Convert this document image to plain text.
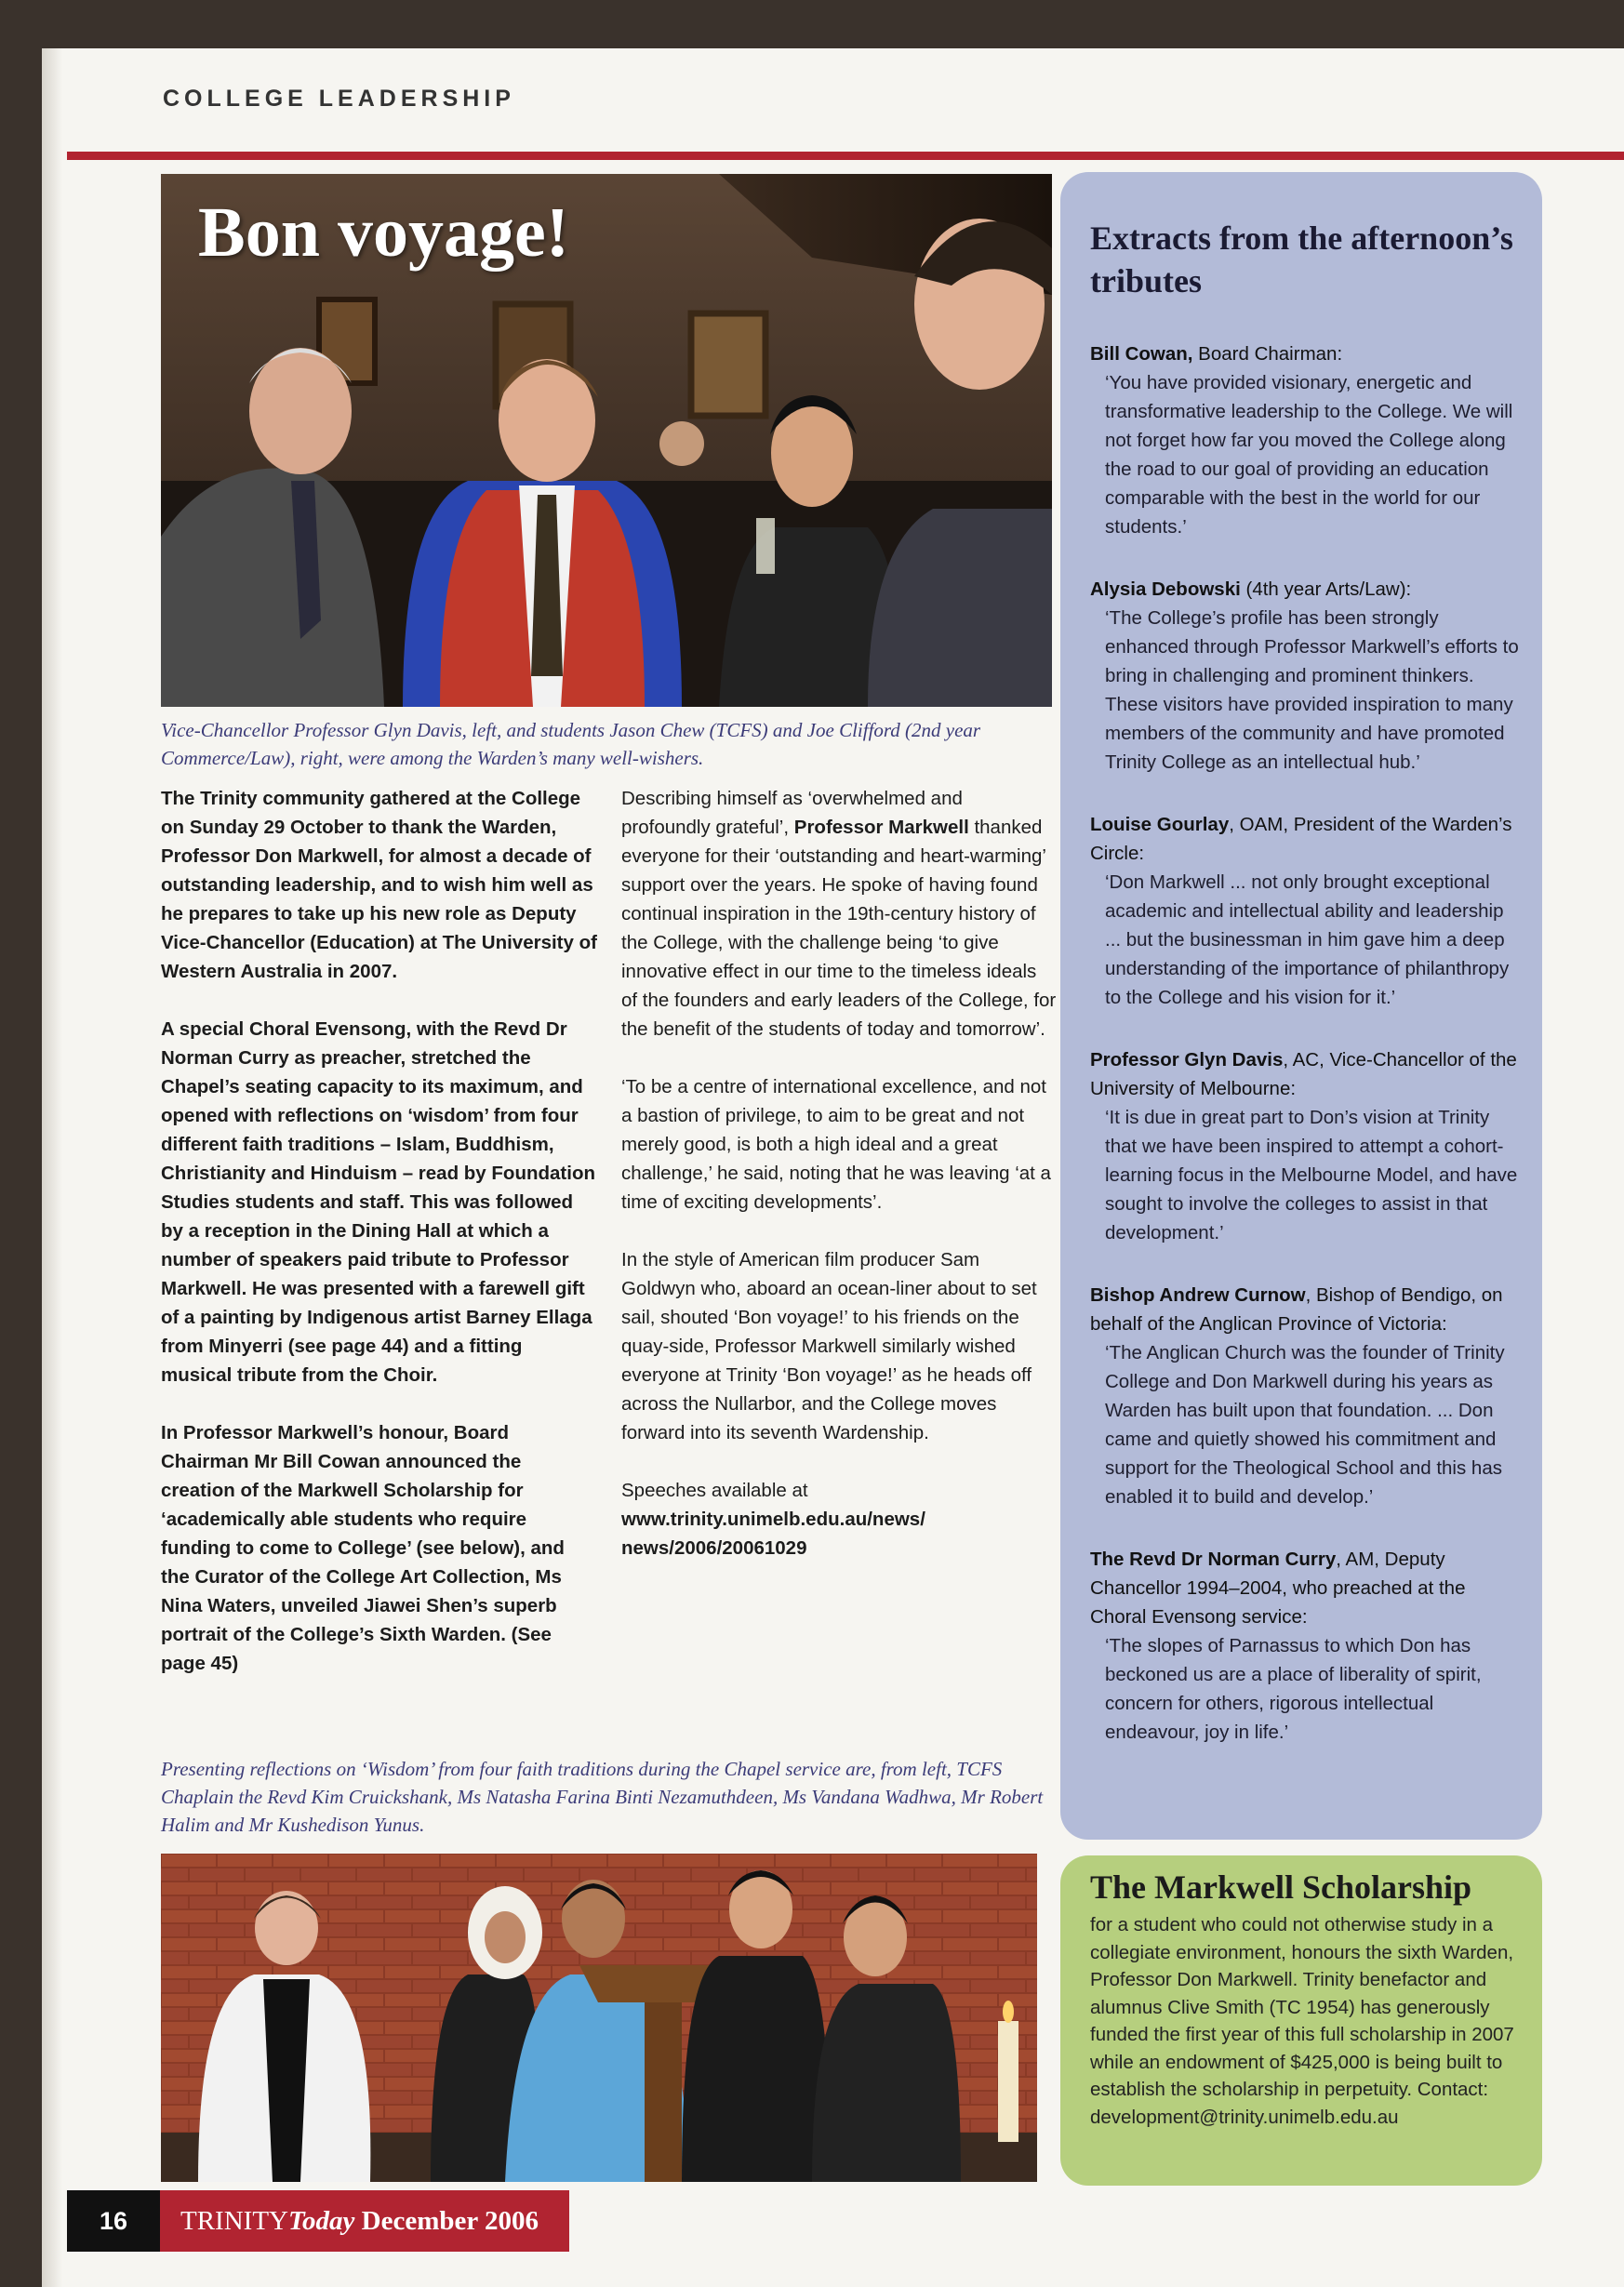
COLLEGE LEADERSHIP
Bon voyage!

Vice-Chancellor Professor Glyn Davis, left, and students Jason Chew (TCFS) and Joe Clifford (2nd year Commerce/Law), right, were among the Warden’s many well-wishers.

The Trinity community gathered at the College on Sunday 29 October to thank the Warden, Professor Don Markwell, for almost a decade of outstanding leadership, and to wish him well as he prepares to take up his new role as Deputy Vice-Chancellor (Education) at The University of Western Australia in 2007.

A special Choral Evensong, with the Revd Dr Norman Curry as preacher, stretched the Chapel’s seating capacity to its maximum, and opened with reflections on ‘wisdom’ from four different faith traditions – Islam, Buddhism, Christianity and Hinduism – read by Foundation Studies students and staff. This was followed by a reception in the Dining Hall at which a number of speakers paid tribute to Professor Markwell. He was presented with a farewell gift of a painting by Indigenous artist Barney Ellaga from Minyerri (see page 44) and a fitting musical tribute from the Choir.

In Professor Markwell’s honour, Board Chairman Mr Bill Cowan announced the creation of the Markwell Scholarship for ‘academically able students who require funding to come to College’ (see below), and the Curator of the College Art Collection, Ms Nina Waters, unveiled Jiawei Shen’s superb portrait of the College’s Sixth Warden. (See page 45)

Describing himself as ‘overwhelmed and profoundly grateful’, Professor Markwell thanked everyone for their ‘outstanding and heart-warming’ support over the years. He spoke of having found continual inspiration in the 19th-century history of the College, with the challenge being ‘to give innovative effect in our time to the timeless ideals of the founders and early leaders of the College, for the benefit of the students of today and tomorrow’.

‘To be a centre of international excellence, and not a bastion of privilege, to aim to be great and not merely good, is both a high ideal and a great challenge,’ he said, noting that he was leaving ‘at a time of exciting developments’.

In the style of American film producer Sam Goldwyn who, aboard an ocean-liner about to set sail, shouted ‘Bon voyage!’ to his friends on the quay-side, Professor Markwell similarly wished everyone at Trinity ‘Bon voyage!’ as he heads off across the Nullarbor, and the College moves forward into its seventh Wardenship.

Speeches available at
www.trinity.unimelb.edu.au/news/ news/2006/20061029

Presenting reflections on ‘Wisdom’ from four faith traditions during the Chapel service are, from left, TCFS Chaplain the Revd Kim Cruickshank, Ms Natasha Farina Binti Nezamuthdeen, Ms Vandana Wadhwa, Mr Robert Halim and Mr Kushedison Yunus.

Extracts from the afternoon’s tributes
Bill Cowan, Board Chairman:
‘You have provided visionary, energetic and transformative leadership to the College. We will not forget how far you moved the College along the road to our goal of providing an education comparable with the best in the world for our students.’
Alysia Debowski (4th year Arts/Law):
‘The College’s profile has been strongly enhanced through Professor Markwell’s efforts to bring in challenging and prominent thinkers. These visitors have provided inspiration to many members of the community and have promoted Trinity College as an intellectual hub.’
Louise Gourlay, OAM, President of the Warden’s Circle:
‘Don Markwell ... not only brought exceptional academic and intellectual ability and leadership ... but the businessman in him gave him a deep understanding of the importance of philanthropy to the College and his vision for it.’
Professor Glyn Davis, AC, Vice-Chancellor of the University of Melbourne:
‘It is due in great part to Don’s vision at Trinity that we have been inspired to attempt a cohort-learning focus in the Melbourne Model, and have sought to involve the colleges to assist in that development.’
Bishop Andrew Curnow, Bishop of Bendigo, on behalf of the Anglican Province of Victoria:
‘The Anglican Church was the founder of Trinity College and Don Markwell during his years as Warden has built upon that foundation. ... Don came and quietly showed his commitment and support for the Theological School and this has enabled it to build and develop.’
The Revd Dr Norman Curry, AM, Deputy Chancellor 1994–2004, who preached at the Choral Evensong service:
‘The slopes of Parnassus to which Don has beckoned us are a place of liberality of spirit, concern for others, rigorous intellectual endeavour, joy in life.’
The Markwell Scholarship

for a student who could not otherwise study in a collegiate environment, honours the sixth Warden, Professor Don Markwell. Trinity benefactor and alumnus Clive Smith (TC 1954) has generously funded the first year of this full scholarship in 2007 while an endowment of $425,000 is being built to establish the scholarship in perpetuity. Contact: development@trinity.unimelb.edu.au

16	TRINITYToday December 2006
